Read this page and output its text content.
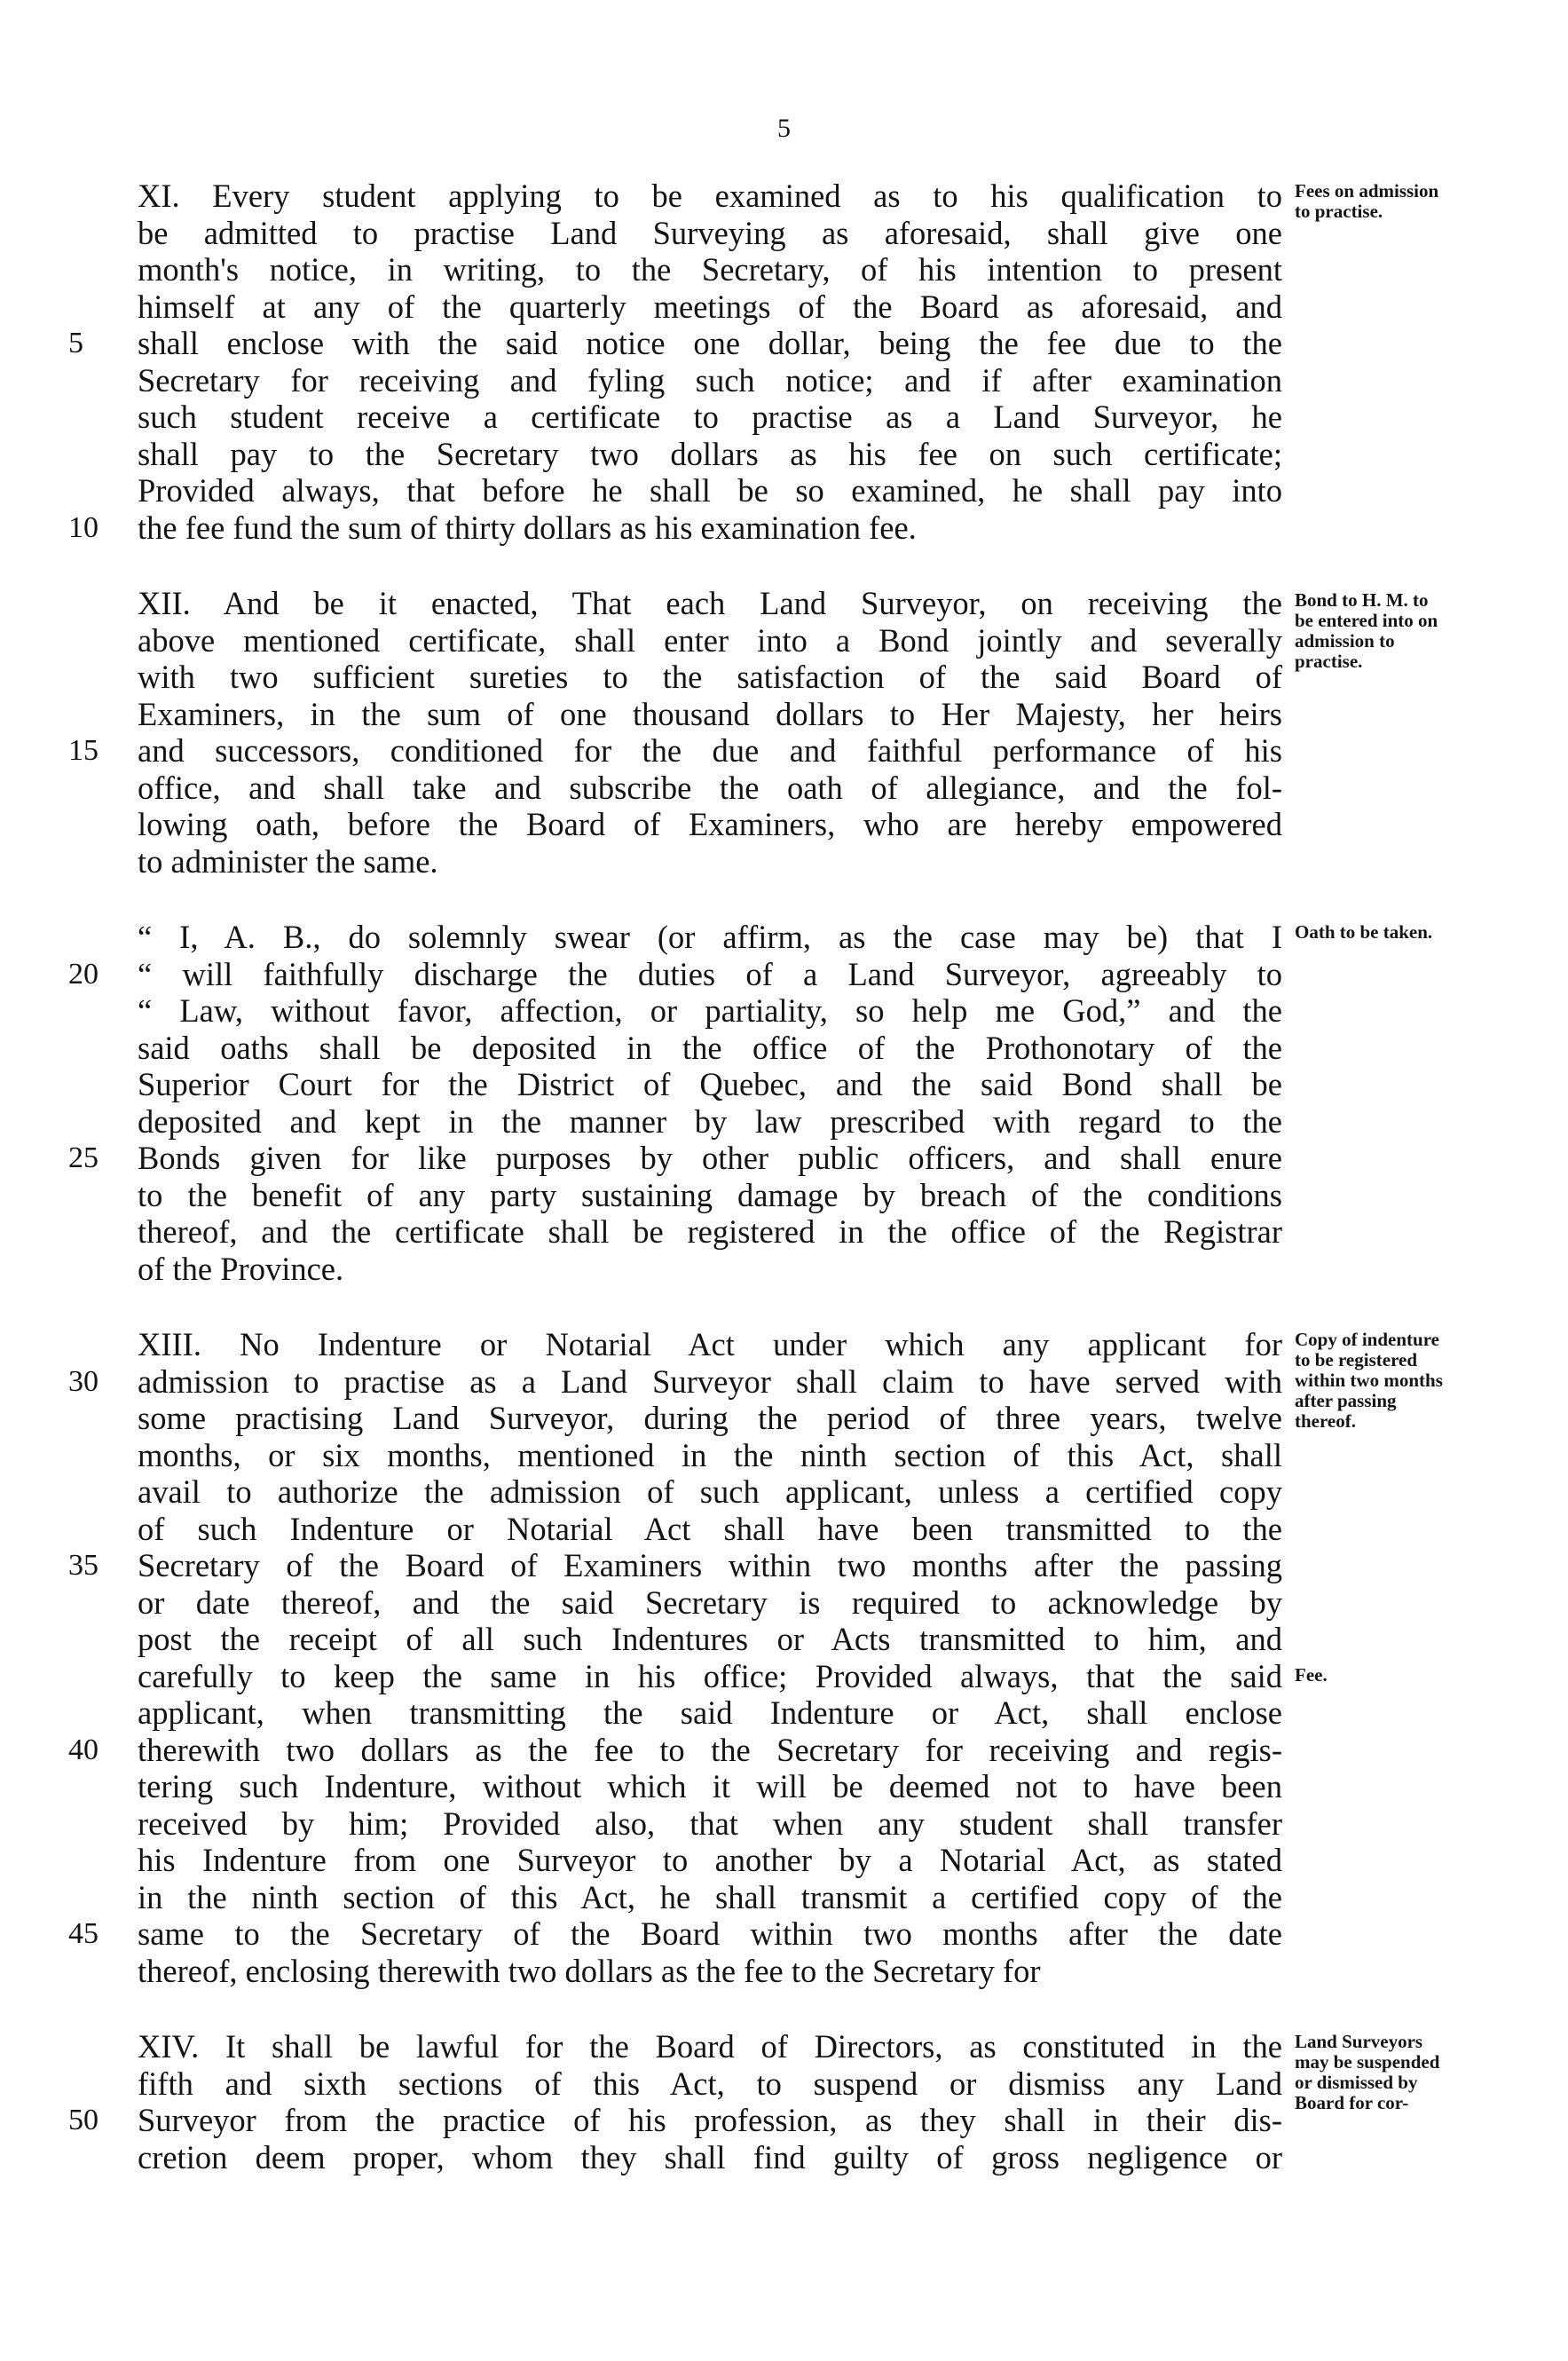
5
Fees on admission to practise.
XI. Every student applying to be examined as to his qualification to
be admitted to practise Land Surveying as aforesaid, shall give one
month's notice, in writing, to the Secretary, of his intention to present
himself at any of the quarterly meetings of the Board as aforesaid, and
5	shall enclose with the said notice one dollar, being the fee due to the
Secretary for receiving and fyling such notice; and if after examination
such student receive a certificate to practise as a Land Surveyor, he
shall pay to the Secretary two dollars as his fee on such certificate;
Provided always, that before he shall be so examined, he shall pay into
10	the fee fund the sum of thirty dollars as his examination fee.
Bond to H. M. to be entered into on admission to practise.
XII. And be it enacted, That each Land Surveyor, on receiving the
above mentioned certificate, shall enter into a Bond jointly and severally
with two sufficient sureties to the satisfaction of the said Board of
Examiners, in the sum of one thousand dollars to Her Majesty, her heirs
15	and successors, conditioned for the due and faithful performance of his
office, and shall take and subscribe the oath of allegiance, and the fol-
lowing oath, before the Board of Examiners, who are hereby empowered
to administer the same.
Oath to be taken.
“ I, A. B., do solemnly swear (or affirm, as the case may be) that I
20	“ will faithfully discharge the duties of a Land Surveyor, agreeably to
“ Law, without favor, affection, or partiality, so help me God,” and the
said oaths shall be deposited in the office of the Prothonotary of the
Superior Court for the District of Quebec, and the said Bond shall be
deposited and kept in the manner by law prescribed with regard to the
25	Bonds given for like purposes by other public officers, and shall enure
to the benefit of any party sustaining damage by breach of the conditions
thereof, and the certificate shall be registered in the office of the Registrar
of the Province.
Copy of indenture to be registered within two months after passing thereof.
Fee.
XIII. No Indenture or Notarial Act under which any applicant for
30	admission to practise as a Land Surveyor shall claim to have served with
some practising Land Surveyor, during the period of three years, twelve
months, or six months, mentioned in the ninth section of this Act, shall
avail to authorize the admission of such applicant, unless a certified copy
of such Indenture or Notarial Act shall have been transmitted to the
35	Secretary of the Board of Examiners within two months after the passing
or date thereof, and the said Secretary is required to acknowledge by
post the receipt of all such Indentures or Acts transmitted to him, and
carefully to keep the same in his office; Provided always, that the said
applicant, when transmitting the said Indenture or Act, shall enclose
40	therewith two dollars as the fee to the Secretary for receiving and regis-
tering such Indenture, without which it will be deemed not to have been
received by him; Provided also, that when any student shall transfer
his Indenture from one Surveyor to another by a Notarial Act, as stated
in the ninth section of this Act, he shall transmit a certified copy of the
45	same to the Secretary of the Board within two months after the date
thereof, enclosing therewith two dollars as the fee to the Secretary for
Land Surveyors may be suspended or dismissed by Board for cor-
XIV. It shall be lawful for the Board of Directors, as constituted in the
fifth and sixth sections of this Act, to suspend or dismiss any Land
50	Surveyor from the practice of his profession, as they shall in their dis-
cretion deem proper, whom they shall find guilty of gross negligence or
